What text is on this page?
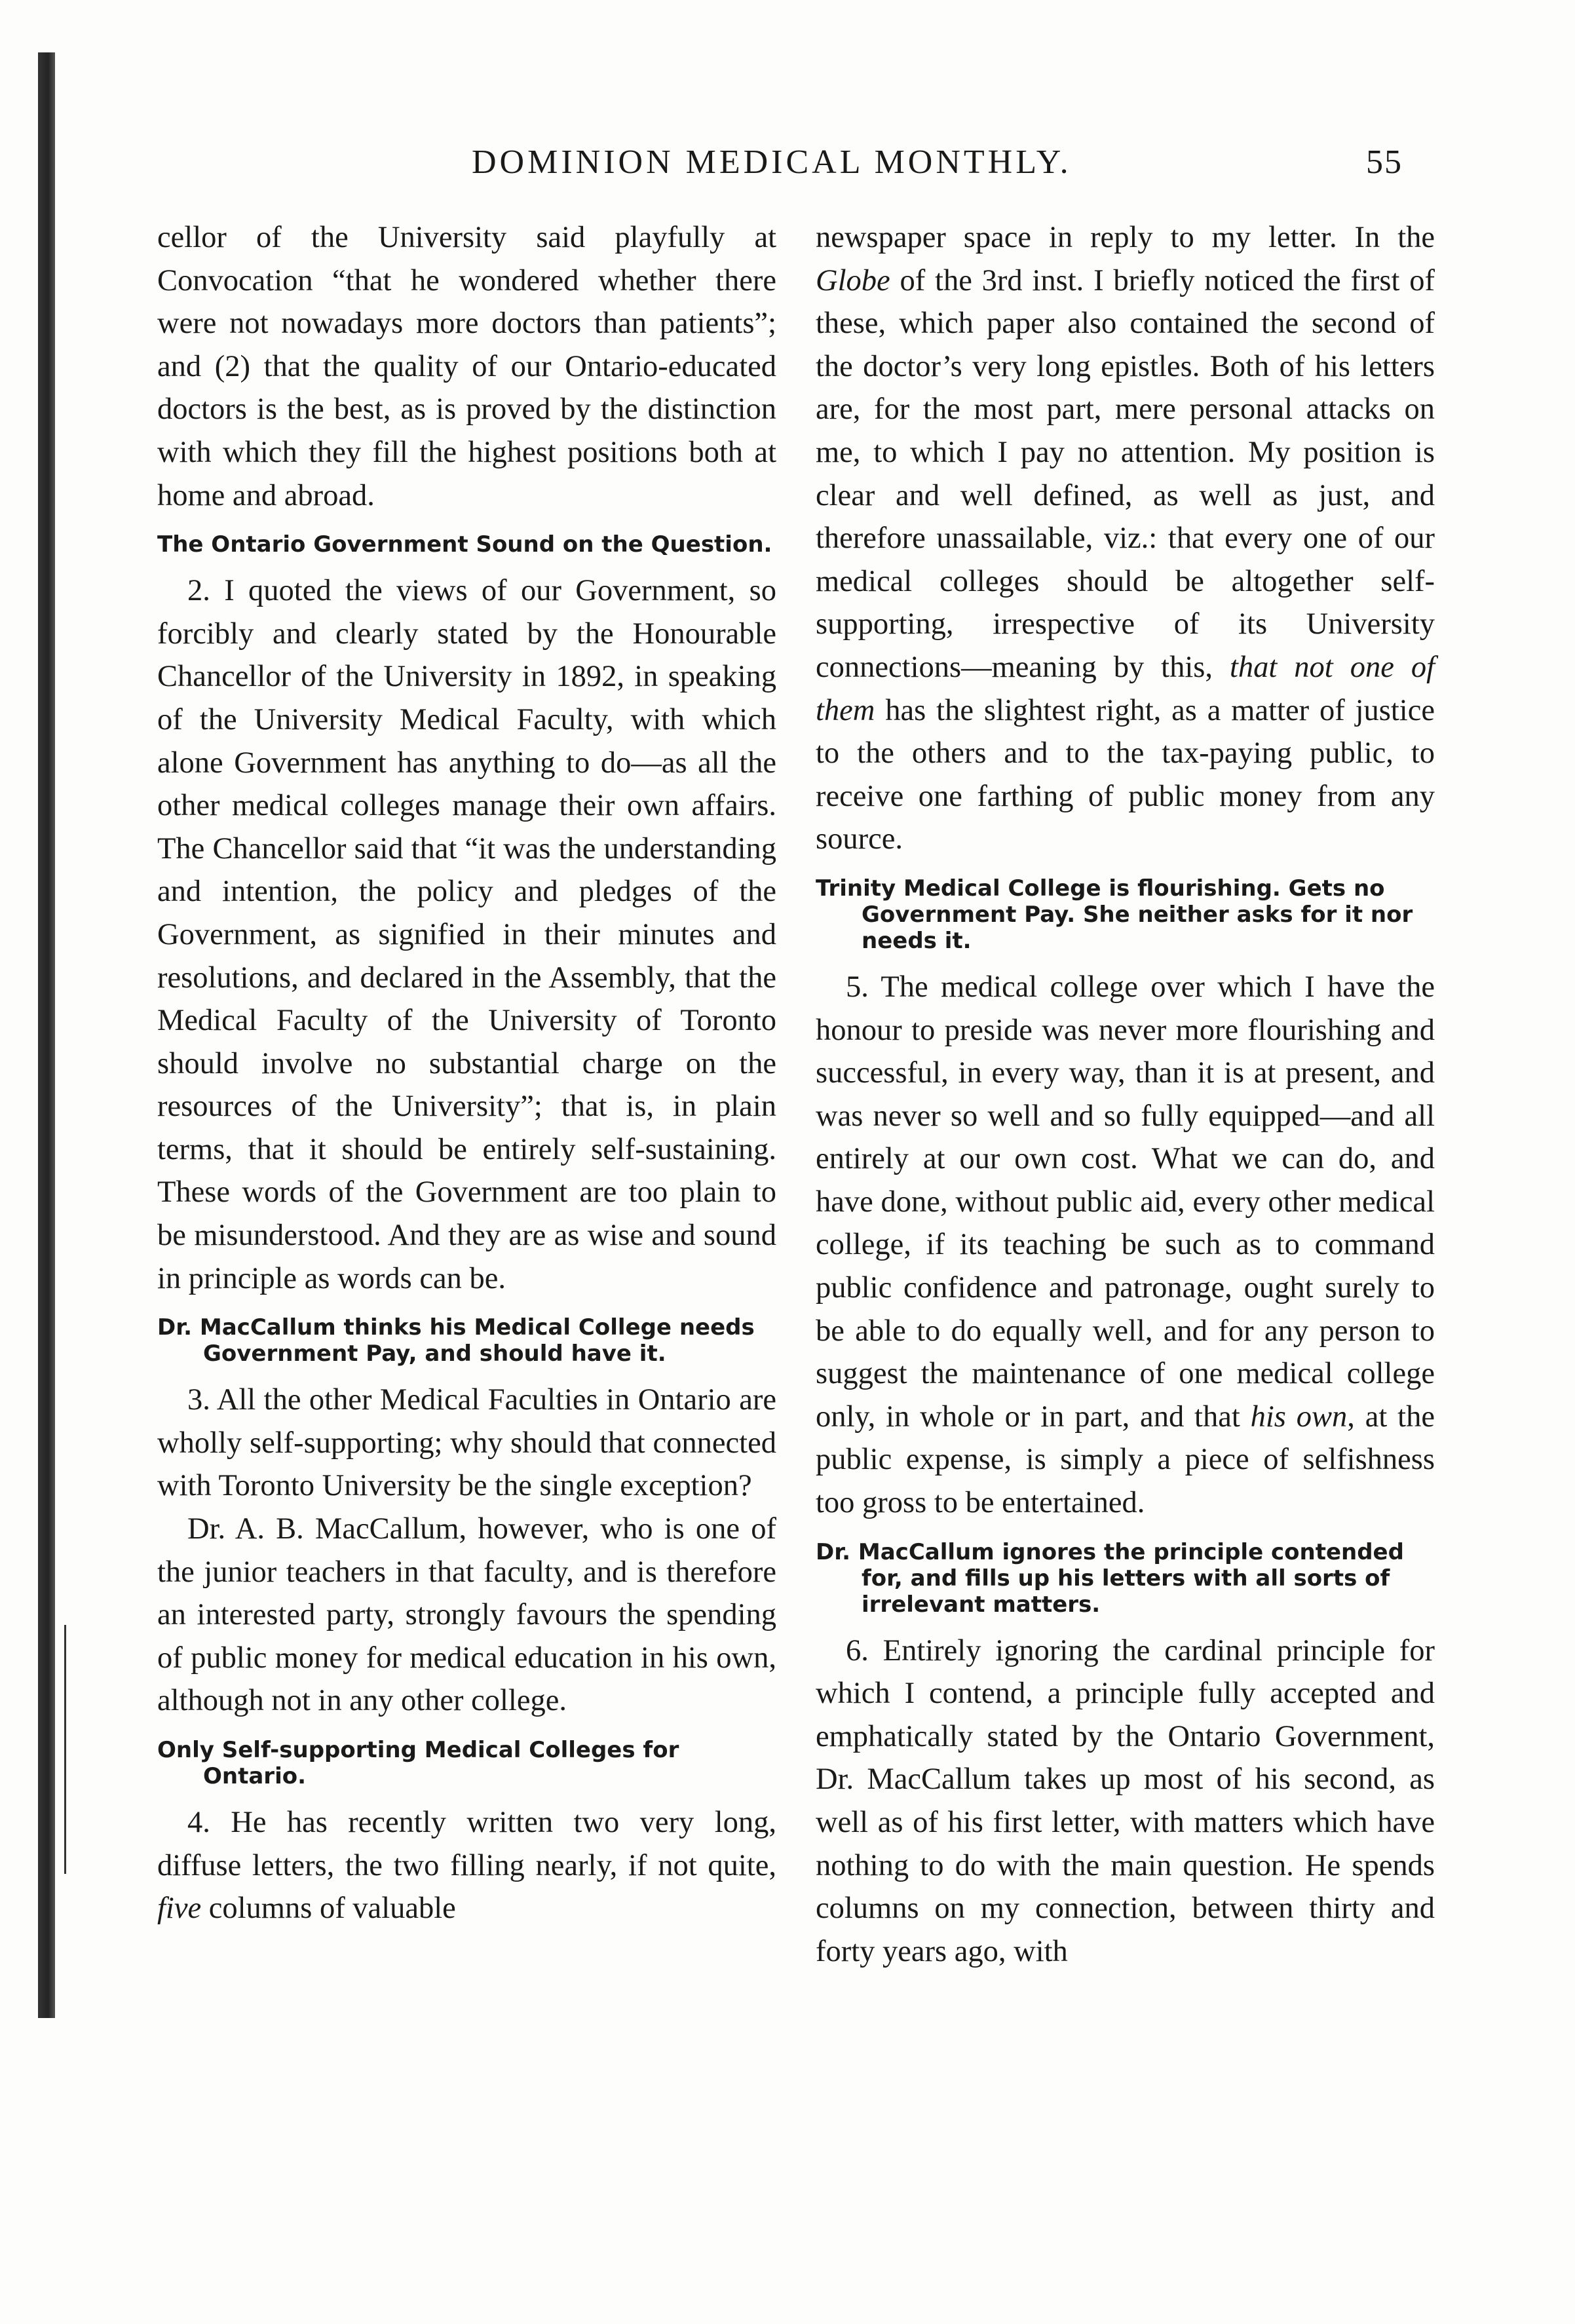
DOMINION MEDICAL MONTHLY.	55

cellor of the University said playfully at Convocation “that he wondered whether there were not nowadays more doctors than patients”; and (2) that the quality of our Ontario-educated doctors is the best, as is proved by the distinction with which they fill the highest positions both at home and abroad.

The Ontario Government Sound on the Question.

2. I quoted the views of our Government, so forcibly and clearly stated by the Honourable Chancellor of the University in 1892, in speaking of the University Medical Faculty, with which alone Government has anything to do—as all the other medical colleges manage their own affairs. The Chancellor said that “it was the understanding and intention, the policy and pledges of the Government, as signified in their minutes and resolutions, and declared in the Assembly, that the Medical Faculty of the University of Toronto should involve no substantial charge on the resources of the University”; that is, in plain terms, that it should be entirely self-sustaining. These words of the Government are too plain to be misunderstood. And they are as wise and sound in principle as words can be.

Dr. MacCallum thinks his Medical College needs Government Pay, and should have it.

3. All the other Medical Faculties in Ontario are wholly self-supporting; why should that connected with Toronto University be the single exception?

Dr. A. B. MacCallum, however, who is one of the junior teachers in that faculty, and is therefore an interested party, strongly favours the spending of public money for medical education in his own, although not in any other college.

Only Self-supporting Medical Colleges for Ontario.

4. He has recently written two very long, diffuse letters, the two filling nearly, if not quite, five columns of valuable

newspaper space in reply to my letter. In the Globe of the 3rd inst. I briefly noticed the first of these, which paper also contained the second of the doctor’s very long epistles. Both of his letters are, for the most part, mere personal attacks on me, to which I pay no attention. My position is clear and well defined, as well as just, and therefore unassailable, viz.: that every one of our medical colleges should be altogether self-supporting, irrespective of its University connections—meaning by this, that not one of them has the slightest right, as a matter of justice to the others and to the tax-paying public, to receive one farthing of public money from any source.

Trinity Medical College is flourishing. Gets no Government Pay. She neither asks for it nor needs it.

5. The medical college over which I have the honour to preside was never more flourishing and successful, in every way, than it is at present, and was never so well and so fully equipped—and all entirely at our own cost. What we can do, and have done, without public aid, every other medical college, if its teaching be such as to command public confidence and patronage, ought surely to be able to do equally well, and for any person to suggest the maintenance of one medical college only, in whole or in part, and that his own, at the public expense, is simply a piece of selfishness too gross to be entertained.

Dr. MacCallum ignores the principle contended for, and fills up his letters with all sorts of irrelevant matters.

6. Entirely ignoring the cardinal principle for which I contend, a principle fully accepted and emphatically stated by the Ontario Government, Dr. MacCallum takes up most of his second, as well as of his first letter, with matters which have nothing to do with the main question. He spends columns on my connection, between thirty and forty years ago, with
